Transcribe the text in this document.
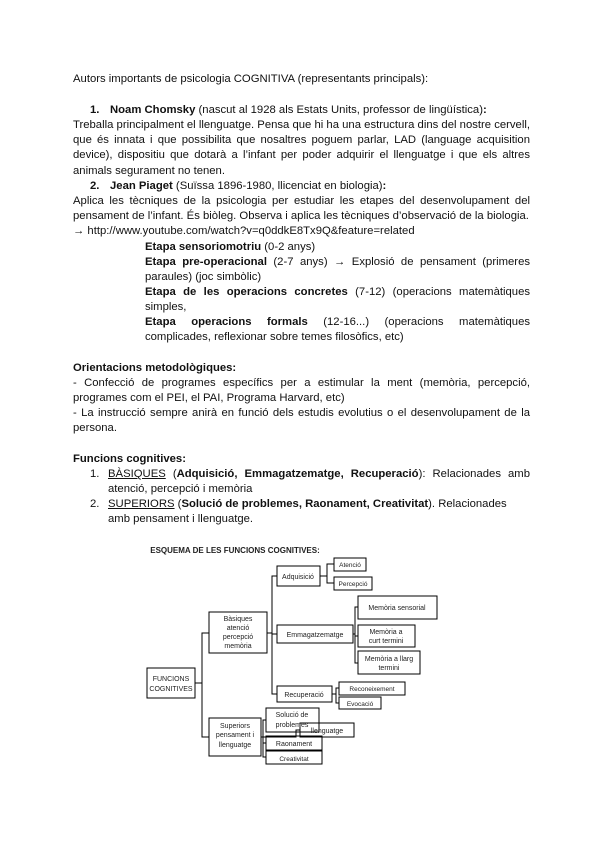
Autors importants de psicologia COGNITIVA (representants principals):
1. Noam Chomsky (nascut al 1928 als Estats Units, professor de lingüística):
Treballa principalment el llenguatge. Pensa que hi ha una estructura dins del nostre cervell, que és innata i que possibilita que nosaltres poguem parlar, LAD (language acquisition device), dispositiu que dotarà a l’infant per poder adquirir el llenguatge i que els altres animals segurament no tenen.
2. Jean Piaget (Suïssa 1896-1980, llicenciat en biologia):
Aplica les tècniques de la psicologia per estudiar les etapes del desenvolupament del pensament de l’infant. És biòleg. Observa i aplica les tècniques d’observació de la biologia.
→ http://www.youtube.com/watch?v=q0ddkE8Tx9Q&feature=related
Etapa sensoriomotriu (0-2 anys)
Etapa pre-operacional (2-7 anys) → Explosió de pensament (primeres paraules) (joc simbòlic)
Etapa de les operacions concretes (7-12) (operacions matemàtiques simples,
Etapa operacions formals (12-16...) (operacions matemàtiques complicades, reflexionar sobre temes filosòfics, etc)
Orientacions metodològiques:
- Confecció de programes específics per a estimular la ment (memòria, percepció, programes com el PEI, el PAI, Programa Harvard, etc)
- La instrucció sempre anirà en funció dels estudis evolutius o el desenvolupament de la persona.
Funcions cognitives:
1. BÀSIQUES (Adquisició, Emmagatzematge, Recuperació): Relacionades amb atenció, percepció i memòria
2. SUPERIORS (Solució de problemes, Raonament, Creativitat). Relacionades amb pensament i llenguatge.
ESQUEMA DE LES FUNCIONS COGNITIVES:
FUNCIONS
COGNITIVES
Bàsiques
atenció
percepció
memòria
Superiors
pensament i
llenguatge
Adquisició
Atenció
Percepció
Emmagatzematge
Memòria sensorial
Memòria a
curt termini
Memòria a llarg
termini
Recuperació
Reconeixement
Evocació
Solució de
problemes
llenguatge
Raonament
Creativitat
